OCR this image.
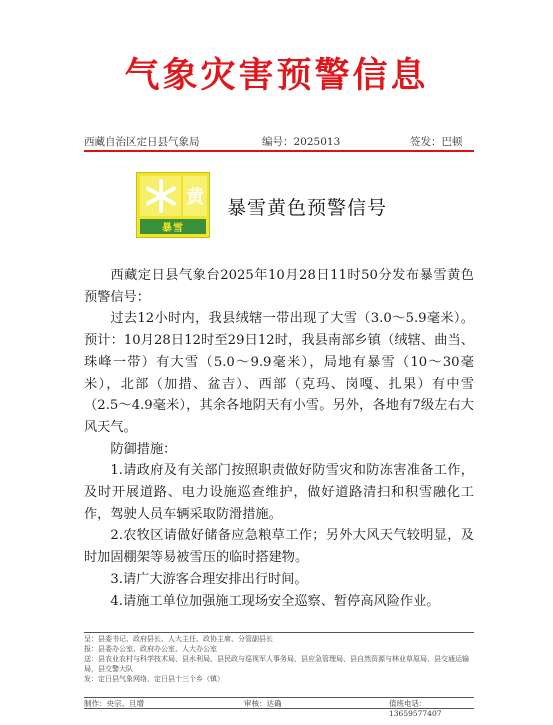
气象灾害预警信息
西藏自治区定日县气象局	编号：2025013	签发：巴顿
黄
暴雪
暴雪黄色预警信号

西藏定日县气象台2025年10月28日11时50分发布暴雪黄色预警信号：

过去12小时内，我县绒辖一带出现了大雪（3.0～5.9毫米）。预计：10月28日12时至29日12时，我县南部乡镇（绒辖、曲当、珠峰一带）有大雪（5.0～9.9毫米），局地有暴雪（10～30毫米），北部（加措、盆吉）、西部（克玛、岗嘎、扎果）有中雪（2.5～4.9毫米），其余各地阴天有小雪。另外，各地有7级左右大风天气。

防御措施：

1.请政府及有关部门按照职责做好防雪灾和防冻害准备工作，及时开展道路、电力设施巡查维护，做好道路清扫和积雪融化工作，驾驶人员车辆采取防滑措施。

2.农牧区请做好储备应急粮草工作；另外大风天气较明显，及时加固棚架等易被雪压的临时搭建物。

3.请广大游客合理安排出行时间。

4.请施工单位加强施工现场安全巡察、暂停高风险作业。

呈：县委书记、政府县长、人大主任、政协主席、分管副县长
报：县委办公室、政府办公室、人大办公室
送：县农业农村与科学技术局、县水利局、县民政与巡视军人事务局、县应急管理局、县自然资源与林业草原局、县交通运输局，县交警大队
发：定日县气象网络，定日县十三个乡（镇）
制作：央宗、旦增	审核：达确	值班电话：13659577407
